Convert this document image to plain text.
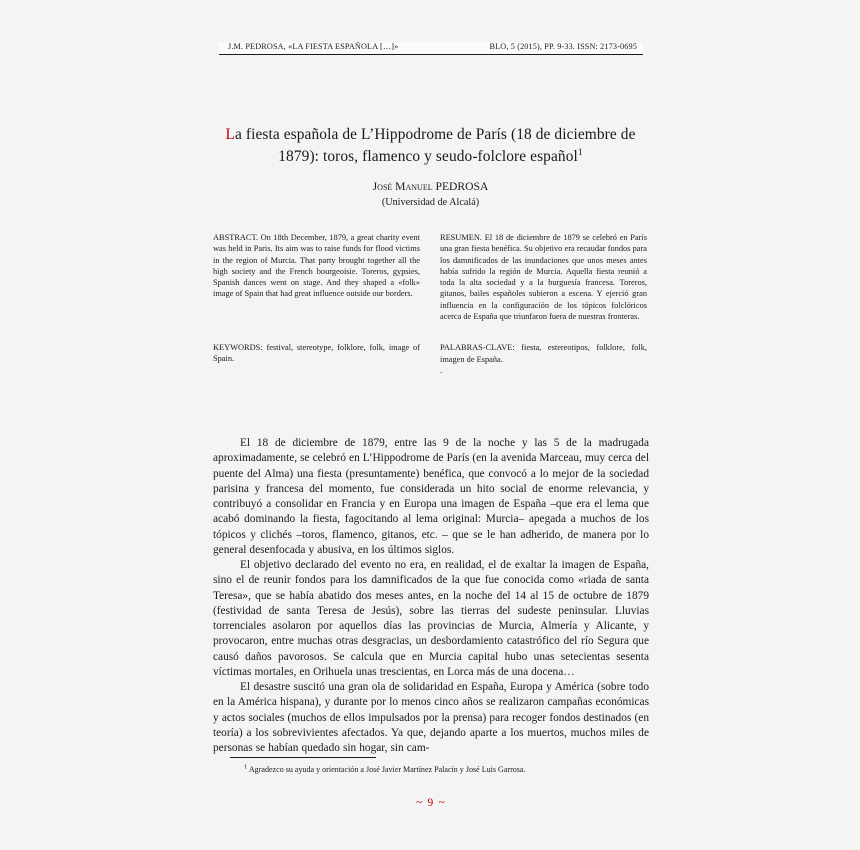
J.M. PEDROSA, «LA FIESTA ESPAÑOLA […]»	BLO, 5 (2015), PP. 9-33. ISSN: 2173-0695
La fiesta española de L’Hippodrome de París (18 de diciembre de 1879): toros, flamenco y seudo-folclore español$^1$
José Manuel PEDROSA
(Universidad de Alcalá)

ABSTRACT. On 18th December, 1879, a great charity event was held in Paris. Its aim was to raise funds for flood victims in the region of Murcia. That party brought together all the high society and the French bourgeoisie. Toreros, gypsies, Spanish dances went on stage. And they shaped a «folk» image of Spain that had great influence outside our borders.

KEYWORDS: festival, stereotype, folklore, folk, image of Spain.

RESUMEN. El 18 de diciembre de 1879 se celebró en París una gran fiesta benéfica. Su objetivo era recaudar fondos para los damnificados de las inundaciones que unos meses antes había sufrido la región de Murcia. Aquella fiesta reunió a toda la alta sociedad y a la burguesía francesa. Toreros, gitanos, bailes españoles subieron a escena. Y ejerció gran influencia en la configuración de los tópicos folclóricos acerca de España que triunfaron fuera de nuestras fronteras.

PALABRAS-CLAVE: fiesta, estereotipos, folklore, folk, imagen de España.

.

El 18 de diciembre de 1879, entre las 9 de la noche y las 5 de la madrugada aproximadamente, se celebró en L’Hippodrome de París (en la avenida Marceau, muy cerca del puente del Alma) una fiesta (presuntamente) benéfica, que convocó a lo mejor de la sociedad parisina y francesa del momento, fue considerada un hito social de enorme relevancia, y contribuyó a consolidar en Francia y en Europa una imagen de España –que era el lema que acabó dominando la fiesta, fagocitando al lema original: Murcia– apegada a muchos de los tópicos y clichés –toros, flamenco, gitanos, etc. – que se le han adherido, de manera por lo general desenfocada y abusiva, en los últimos siglos.

El objetivo declarado del evento no era, en realidad, el de exaltar la imagen de España, sino el de reunir fondos para los damnificados de la que fue conocida como «riada de santa Teresa», que se había abatido dos meses antes, en la noche del 14 al 15 de octubre de 1879 (festividad de santa Teresa de Jesús), sobre las tierras del sudeste peninsular. Lluvias torrenciales asolaron por aquellos días las provincias de Murcia, Almería y Alicante, y provocaron, entre muchas otras desgracias, un desbordamiento catastrófico del río Segura que causó daños pavorosos. Se calcula que en Murcia capital hubo unas setecientas sesenta víctimas mortales, en Orihuela unas trescientas, en Lorca más de una docena…

El desastre suscitó una gran ola de solidaridad en España, Europa y América (sobre todo en la América hispana), y durante por lo menos cinco años se realizaron campañas económicas y actos sociales (muchos de ellos impulsados por la prensa) para recoger fondos destinados (en teoría) a los sobrevivientes afectados. Ya que, dejando aparte a los muertos, muchos miles de personas se habían quedado sin hogar, sin cam-

$^1$ Agradezco su ayuda y orientación a José Javier Martínez Palacín y José Luis Garrosa.

~ 9 ~
